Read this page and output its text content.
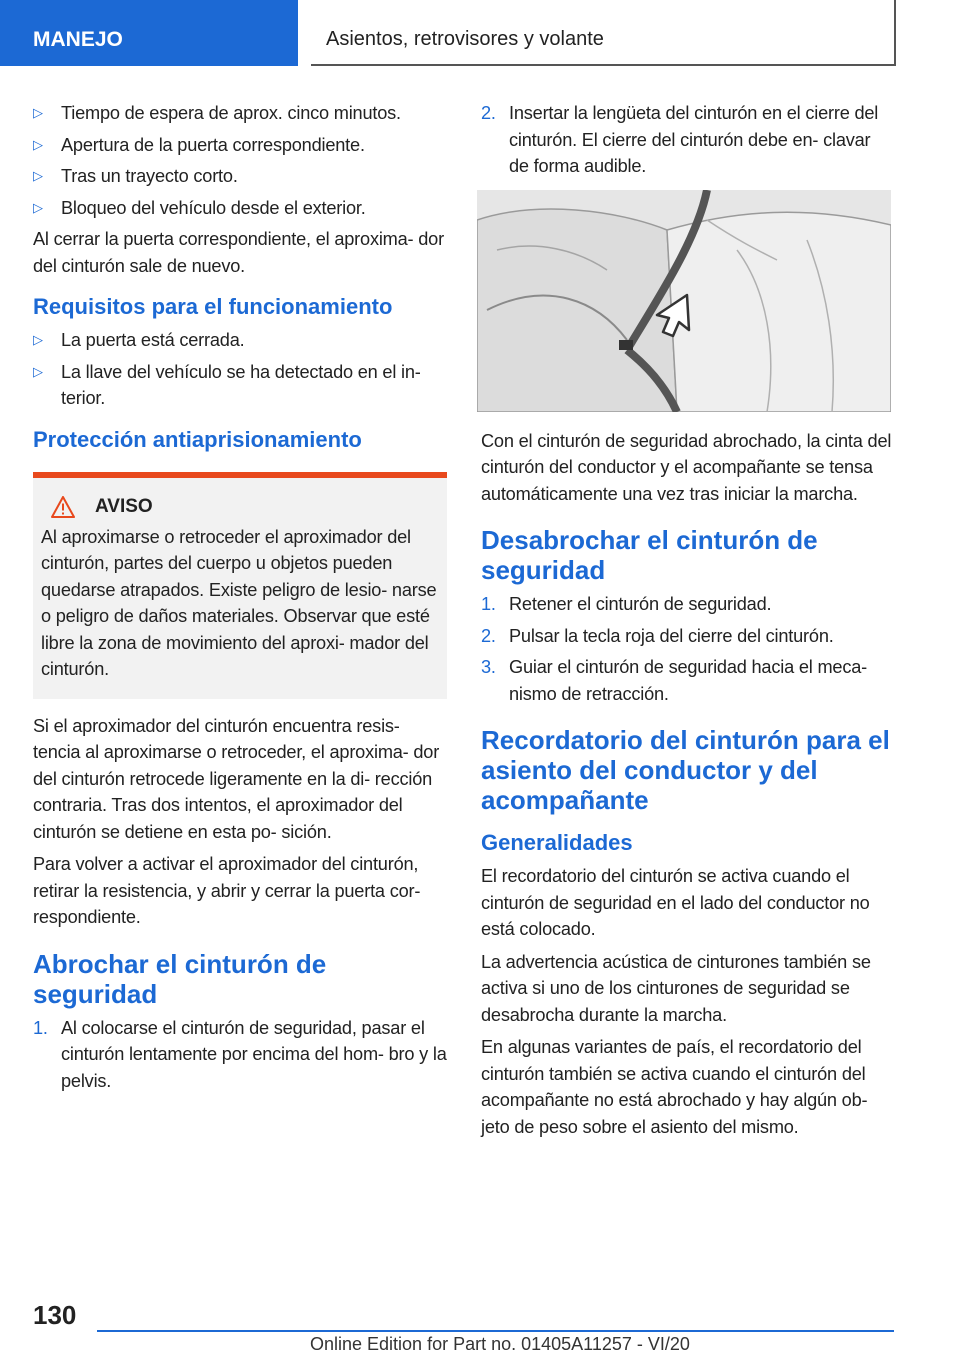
MANEJO	Asientos, retrovisores y volante
▷ Tiempo de espera de aprox. cinco minutos.
▷ Apertura de la puerta correspondiente.
▷ Tras un trayecto corto.
▷ Bloqueo del vehículo desde el exterior.

Al cerrar la puerta correspondiente, el aproxima- dor del cinturón sale de nuevo.

Requisitos para el funcionamiento
▷ La puerta está cerrada.
▷ La llave del vehículo se ha detectado en el in- terior.
Protección antiaprisionamiento
AVISO

Al aproximarse o retroceder el aproximador del cinturón, partes del cuerpo u objetos pueden quedarse atrapados. Existe peligro de lesio- narse o peligro de daños materiales. Observar que esté libre la zona de movimiento del aproxi- mador del cinturón.

Si el aproximador del cinturón encuentra resis- tencia al aproximarse o retroceder, el aproxima- dor del cinturón retrocede ligeramente en la di- rección contraria. Tras dos intentos, el aproximador del cinturón se detiene en esta po- sición.

Para volver a activar el aproximador del cinturón, retirar la resistencia, y abrir y cerrar la puerta cor- respondiente.

Abrochar el cinturón de seguridad
1. Al colocarse el cinturón de seguridad, pasar el cinturón lentamente por encima del hom- bro y la pelvis.
2. Insertar la lengüeta del cinturón en el cierre del cinturón. El cierre del cinturón debe en- clavar de forma audible.

Con el cinturón de seguridad abrochado, la cinta del cinturón del conductor y el acompañante se tensa automáticamente una vez tras iniciar la marcha.

Desabrochar el cinturón de seguridad
1. Retener el cinturón de seguridad.
2. Pulsar la tecla roja del cierre del cinturón.
3. Guiar el cinturón de seguridad hacia el meca- nismo de retracción.
Recordatorio del cinturón para el asiento del conductor y del acompañante
Generalidades

El recordatorio del cinturón se activa cuando el cinturón de seguridad en el lado del conductor no está colocado.

La advertencia acústica de cinturones también se activa si uno de los cinturones de seguridad se desabrocha durante la marcha.

En algunas variantes de país, el recordatorio del cinturón también se activa cuando el cinturón del acompañante no está abrochado y hay algún ob- jeto de peso sobre el asiento del mismo.

130
Online Edition for Part no. 01405A11257 - VI/20
